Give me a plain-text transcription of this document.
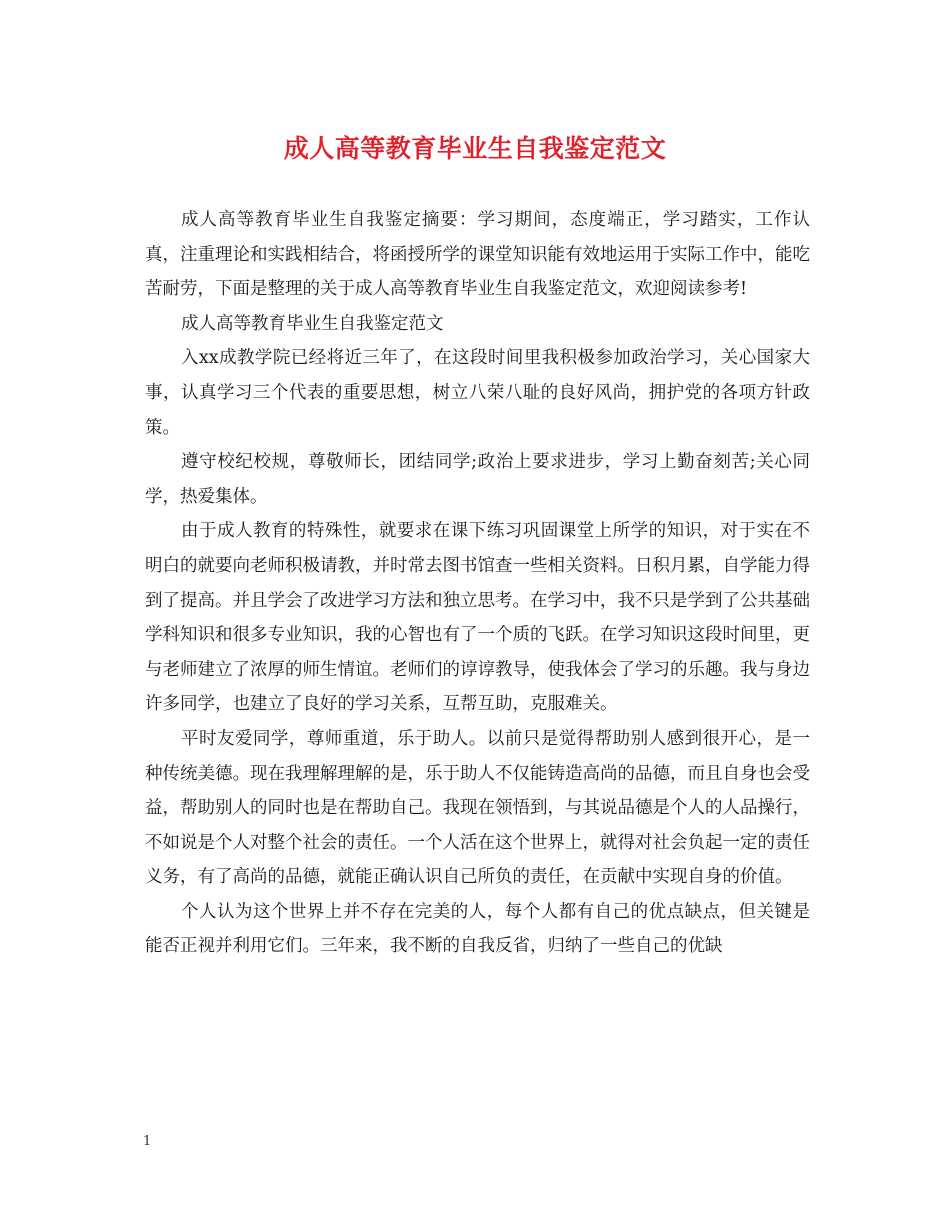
成人高等教育毕业生自我鉴定范文

成人高等教育毕业生自我鉴定摘要：学习期间，态度端正，学习踏实，工作认真，注重理论和实践相结合，将函授所学的课堂知识能有效地运用于实际工作中，能吃苦耐劳，下面是整理的关于成人高等教育毕业生自我鉴定范文，欢迎阅读参考!

成人高等教育毕业生自我鉴定范文

入xx成教学院已经将近三年了，在这段时间里我积极参加政治学习，关心国家大事，认真学习三个代表的重要思想，树立八荣八耻的良好风尚，拥护党的各项方针政策。

遵守校纪校规，尊敬师长，团结同学;政治上要求进步，学习上勤奋刻苦;关心同学，热爱集体。

由于成人教育的特殊性，就要求在课下练习巩固课堂上所学的知识，对于实在不明白的就要向老师积极请教，并时常去图书馆查一些相关资料。日积月累，自学能力得到了提高。并且学会了改进学习方法和独立思考。在学习中，我不只是学到了公共基础学科知识和很多专业知识，我的心智也有了一个质的飞跃。在学习知识这段时间里，更与老师建立了浓厚的师生情谊。老师们的谆谆教导，使我体会了学习的乐趣。我与身边许多同学，也建立了良好的学习关系，互帮互助，克服难关。

平时友爱同学，尊师重道，乐于助人。以前只是觉得帮助别人感到很开心，是一种传统美德。现在我理解理解的是，乐于助人不仅能铸造高尚的品德，而且自身也会受益，帮助别人的同时也是在帮助自己。我现在领悟到，与其说品德是个人的人品操行，不如说是个人对整个社会的责任。一个人活在这个世界上，就得对社会负起一定的责任义务，有了高尚的品德，就能正确认识自己所负的责任，在贡献中实现自身的价值。

个人认为这个世界上并不存在完美的人，每个人都有自己的优点缺点，但关键是能否正视并利用它们。三年来，我不断的自我反省，归纳了一些自己的优缺

1
